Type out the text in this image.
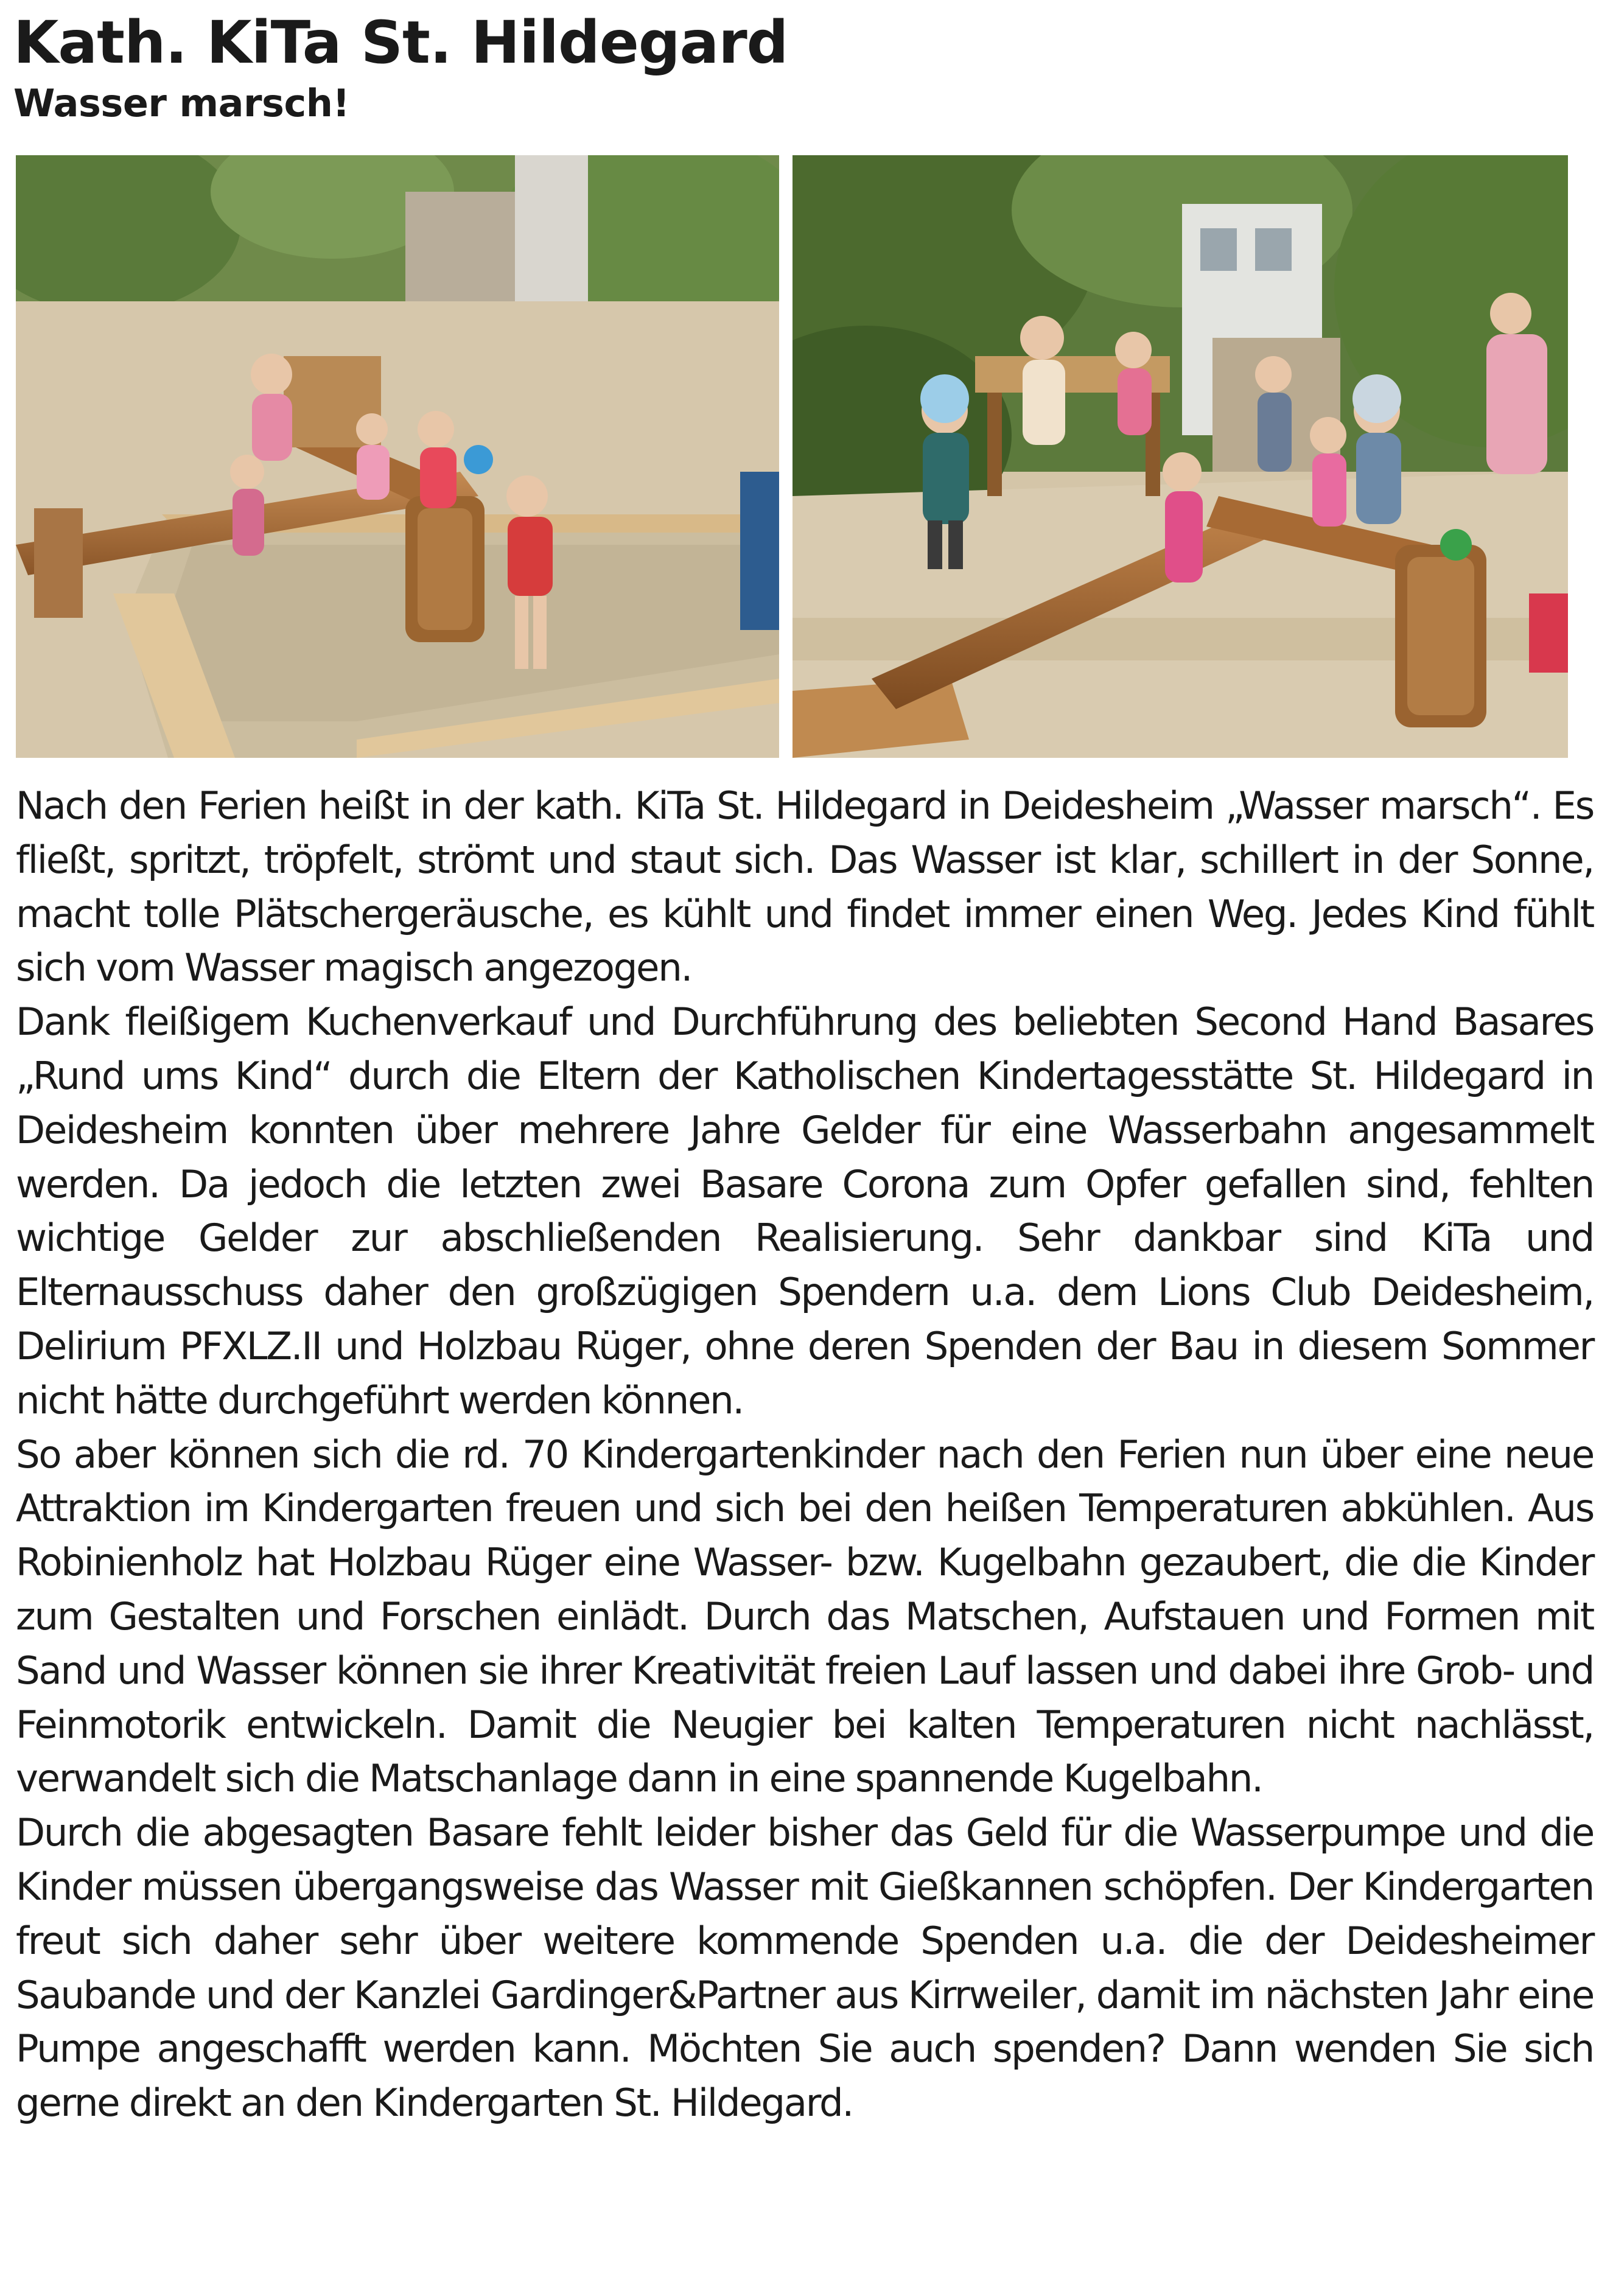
Kath. KiTa St. Hildegard
Wasser marsch!

Nach den Ferien heißt in der kath. KiTa St. Hildegard in Deidesheim „Wasser marsch“. Es fließt, spritzt, tröpfelt, strömt und staut sich. Das Wasser ist klar, schillert in der Sonne, macht tolle Plätschergeräusche, es kühlt und findet immer einen Weg. Jedes Kind fühlt sich vom Wasser magisch angezogen.

Dank fleißigem Kuchenverkauf und Durchführung des beliebten Second Hand Basares „Rund ums Kind“ durch die Eltern der Katholischen Kindertagesstätte St. Hildegard in Deidesheim konnten über mehrere Jahre Gelder für eine Wasserbahn angesammelt werden. Da jedoch die letzten zwei Basare Corona zum Opfer gefallen sind, fehlten wichtige Gelder zur abschließenden Realisierung. Sehr dankbar sind KiTa und Elternausschuss daher den großzügigen Spendern u.a. dem Lions Club Deidesheim, Delirium PFXLZ.II und Holzbau Rüger, ohne deren Spenden der Bau in diesem Sommer nicht hätte durchgeführt werden können.

So aber können sich die rd. 70 Kindergartenkinder nach den Ferien nun über eine neue Attraktion im Kindergarten freuen und sich bei den heißen Temperaturen abkühlen. Aus Robinienholz hat Holzbau Rüger eine Wasser- bzw. Kugelbahn gezaubert, die die Kinder zum Gestalten und Forschen einlädt. Durch das Matschen, Aufstauen und Formen mit Sand und Wasser können sie ihrer Kreativität freien Lauf lassen und dabei ihre Grob- und Feinmotorik entwickeln. Damit die Neugier bei kalten Temperaturen nicht nachlässt, verwandelt sich die Matschanlage dann in eine spannende Kugelbahn.

Durch die abgesagten Basare fehlt leider bisher das Geld für die Wasserpumpe und die Kinder müssen übergangsweise das Wasser mit Gießkannen schöpfen. Der Kindergarten freut sich daher sehr über weitere kommende Spenden u.a. die der Deidesheimer Saubande und der Kanzlei Gardinger&Partner aus Kirrweiler, damit im nächsten Jahr eine Pumpe angeschafft werden kann. Möchten Sie auch spenden? Dann wenden Sie sich gerne direkt an den Kindergarten St. Hildegard.
